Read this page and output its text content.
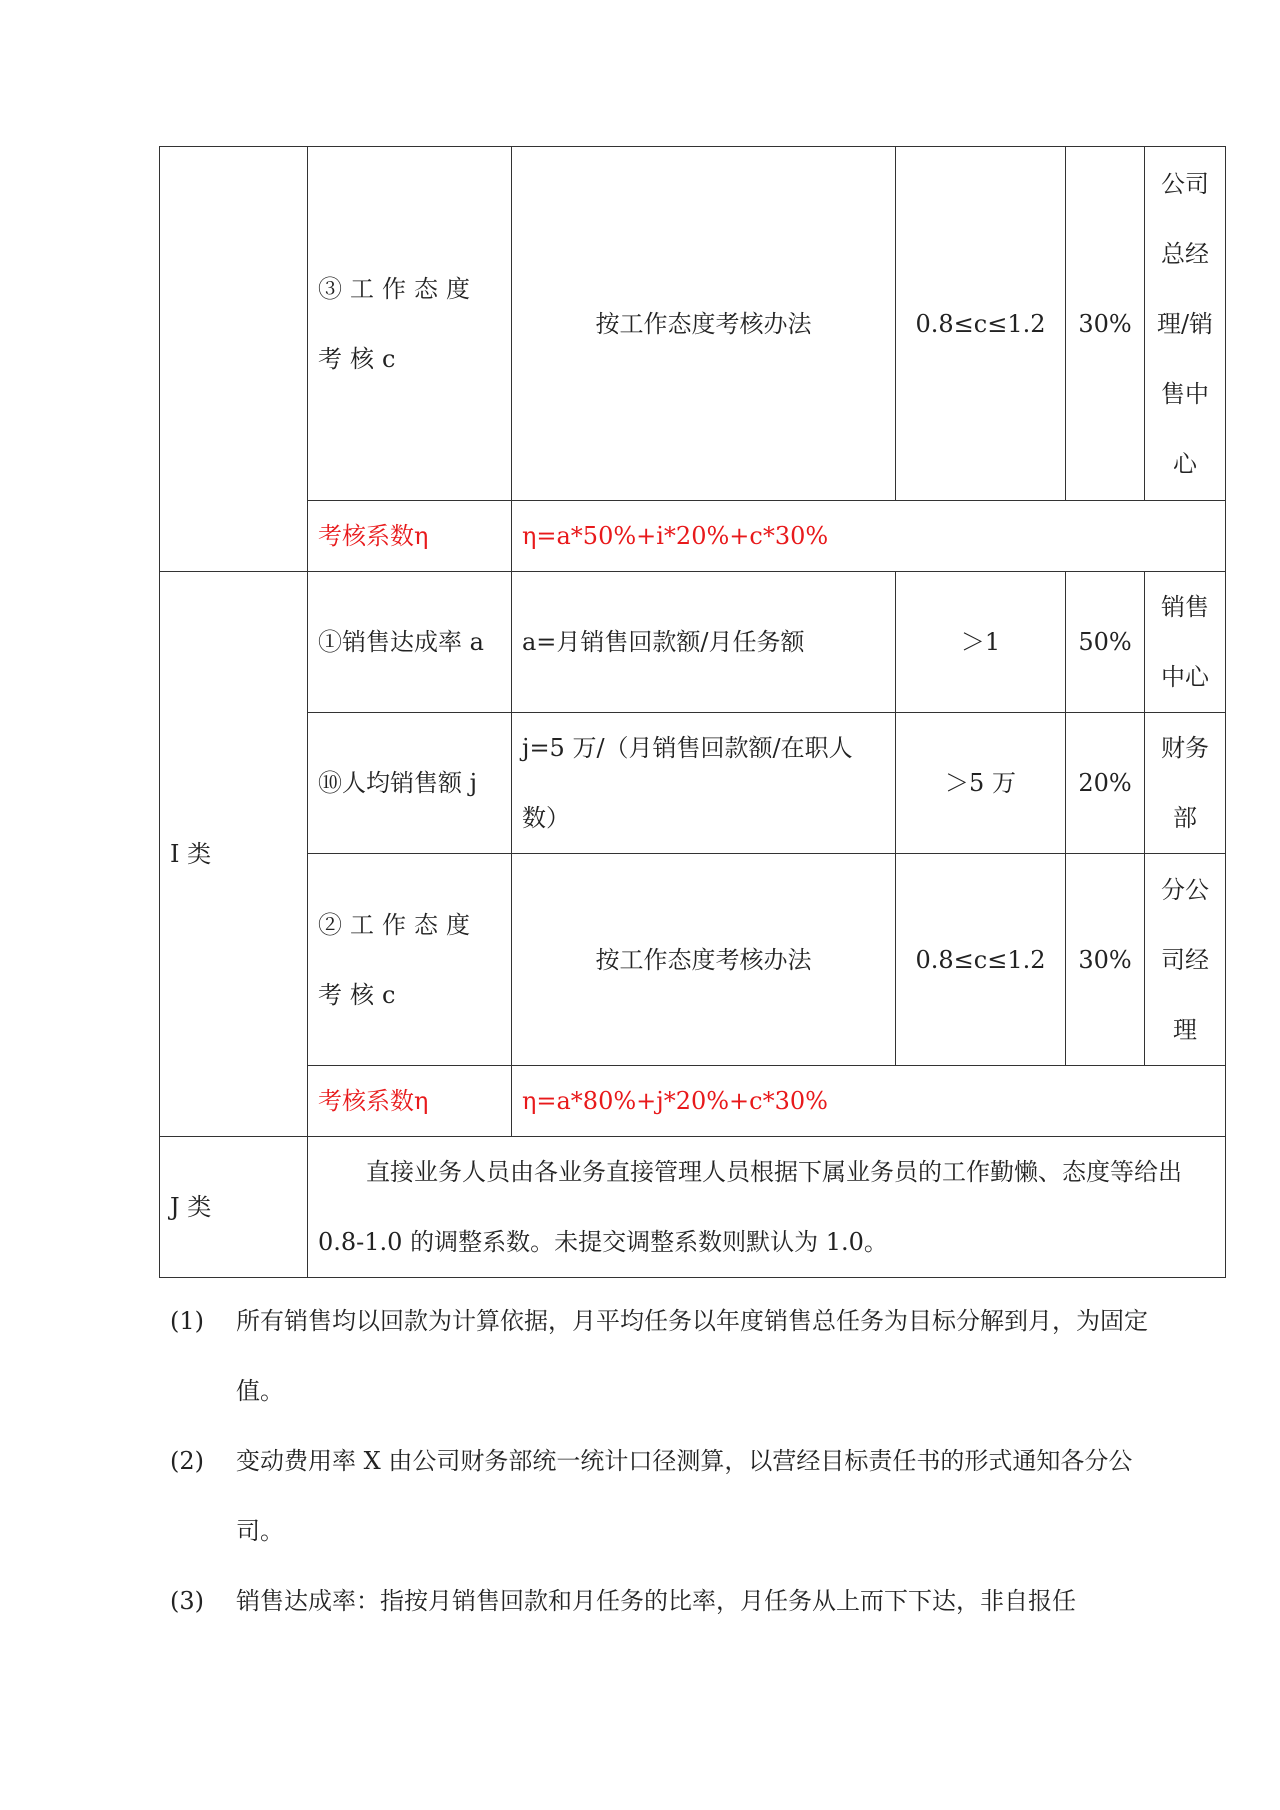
	③工作态度考核c	按工作态度考核办法	0.8≤c≤1.2	30%	公司总经理/销售中心
	考核系数η	η=a*50%+i*20%+c*30%			
I 类	①销售达成率 a	a=月销售回款额/月任务额	＞1	50%	销售中心
	⑩人均销售额 j	j=5 万/（月销售回款额/在职人数）	＞5 万	20%	财务部
	②工作态度考核c	按工作态度考核办法	0.8≤c≤1.2	30%	分公司经理
	考核系数η	η=a*80%+j*20%+c*30%			
J 类	直接业务人员由各业务直接管理人员根据下属业务员的工作勤懒、态度等给出 0.8-1.0 的调整系数。未提交调整系数则默认为 1.0。				
(1) 所有销售均以回款为计算依据，月平均任务以年度销售总任务为目标分解到月，为固定值。
(2) 变动费用率 X 由公司财务部统一统计口径测算，以营经目标责任书的形式通知各分公司。
(3) 销售达成率：指按月销售回款和月任务的比率，月任务从上而下下达，非自报任
